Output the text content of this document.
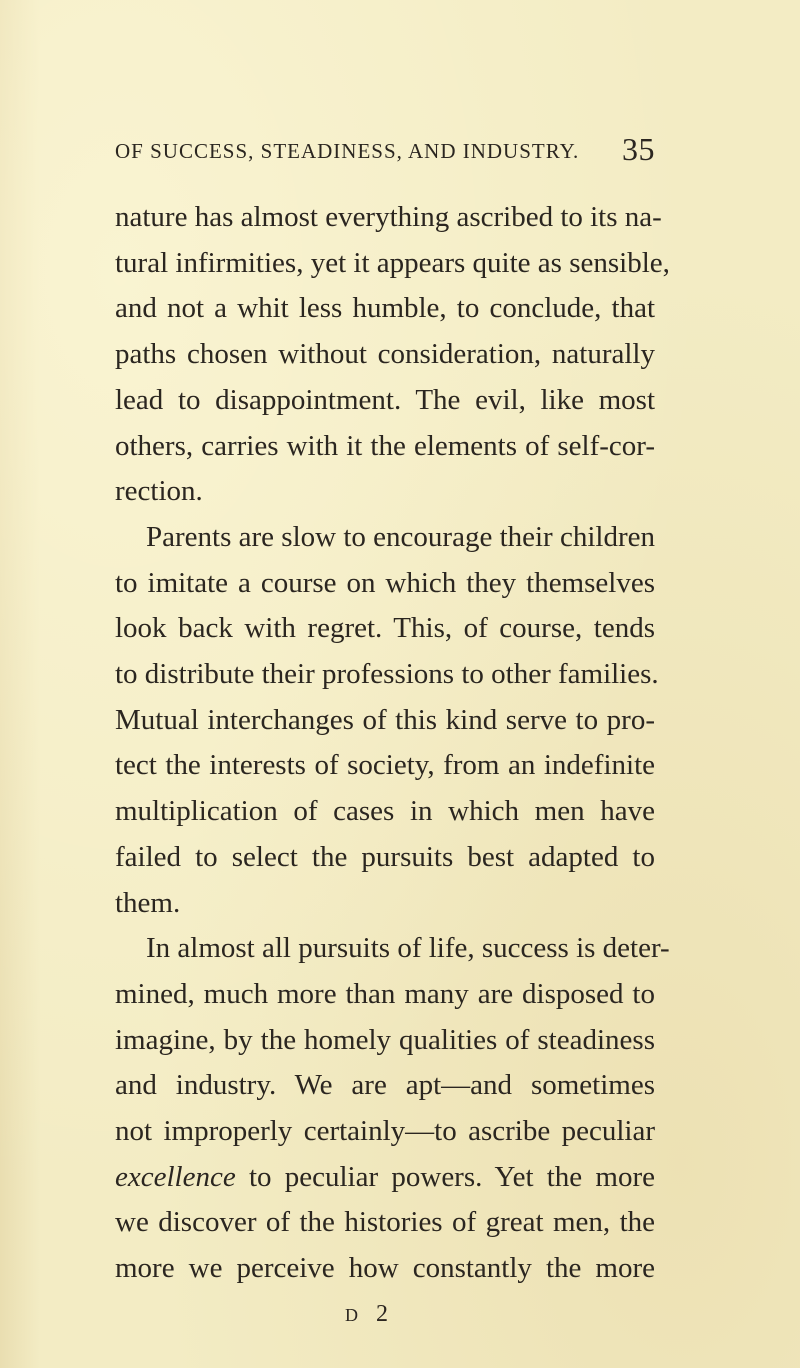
OF SUCCESS, STEADINESS, AND INDUSTRY. 35
nature has almost everything ascribed to its na-
tural infirmities, yet it appears quite as sensible,
and not a whit less humble, to conclude, that
paths chosen without consideration, naturally
lead to disappointment. The evil, like most
others, carries with it the elements of self-cor-
rection.
Parents are slow to encourage their children
to imitate a course on which they themselves
look back with regret. This, of course, tends
to distribute their professions to other families.
Mutual interchanges of this kind serve to pro-
tect the interests of society, from an indefinite
multiplication of cases in which men have
failed to select the pursuits best adapted to
them.
In almost all pursuits of life, success is deter-
mined, much more than many are disposed to
imagine, by the homely qualities of steadiness
and industry. We are apt—and sometimes
not improperly certainly—to ascribe peculiar
excellence to peculiar powers. Yet the more
D 2
we discover of the histories of great men, the
more we perceive how constantly the more
